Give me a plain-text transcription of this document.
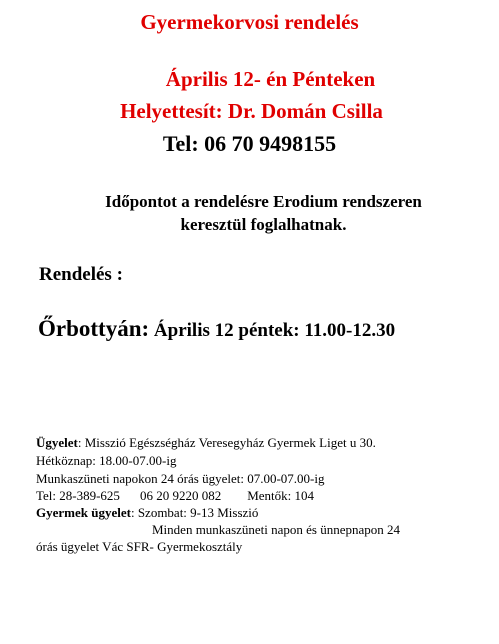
Gyermekorvosi rendelés
Április 12- én Pénteken
Helyettesít: Dr. Domán Csilla
Tel: 06 70 9498155
Időpontot a rendelésre Erodium rendszeren
keresztül foglalhatnak.
Rendelés :
Őrbottyán: Április 12 péntek: 11.00-12.30
Ügyelet: Misszió Egészségház Veresegyház Gyermek Liget u 30.
Hétköznap: 18.00-07.00-ig
Munkaszüneti napokon 24 órás ügyelet: 07.00-07.00-ig
Tel: 28-389-625 06 20 9220 082 Mentők: 104
Gyermek ügyelet: Szombat: 9-13 Misszió
Minden munkaszüneti napon és ünnepnapon 24
órás ügyelet Vác SFR- Gyermekosztály
